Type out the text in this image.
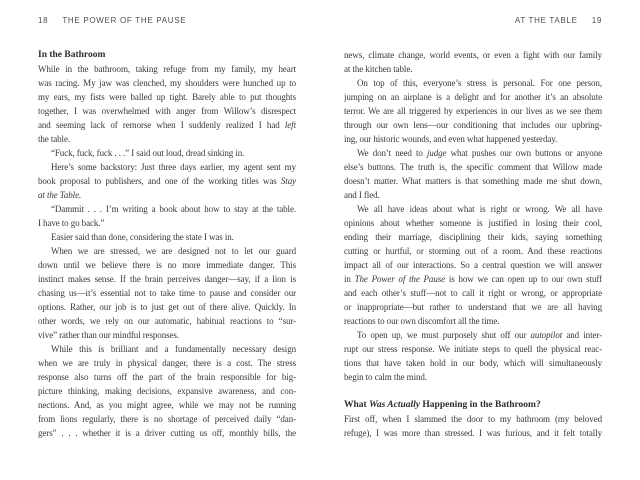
18 THE POWER OF THE PAUSE
In the Bathroom
While in the bathroom, taking refuge from my family, my heart
was racing. My jaw was clenched, my shoulders were hunched up to
my ears, my fists were balled up tight. Barely able to put thoughts
together, I was overwhelmed with anger from Willow’s disrespect
and seeming lack of remorse when I suddenly realized I had left
the table.
“Fuck, fuck, fuck . . .” I said out loud, dread sinking in.
Here’s some backstory: Just three days earlier, my agent sent my
book proposal to publishers, and one of the working titles was Stay
at the Table.
“Dammit . . . I’m writing a book about how to stay at the table.
I have to go back.”
Easier said than done, considering the state I was in.
When we are stressed, we are designed not to let our guard
down until we believe there is no more immediate danger. This
instinct makes sense. If the brain perceives danger—say, if a lion is
chasing us—it’s essential not to take time to pause and consider our
options. Rather, our job is to just get out of there alive. Quickly. In
other words, we rely on our automatic, habitual reactions to “sur-
vive” rather than our mindful responses.
While this is brilliant and a fundamentally necessary design
when we are truly in physical danger, there is a cost. The stress
response also turns off the part of the brain responsible for big-
picture thinking, making decisions, expansive awareness, and con-
nections. And, as you might agree, while we may not be running
from lions regularly, there is no shortage of perceived daily “dan-
gers” . . . whether it is a driver cutting us off, monthly bills, the
AT THE TABLE 19
news, climate change, world events, or even a fight with our family
at the kitchen table.
On top of this, everyone’s stress is personal. For one person,
jumping on an airplane is a delight and for another it’s an absolute
terror. We are all triggered by experiences in our lives as we see them
through our own lens—our conditioning that includes our upbring-
ing, our historic wounds, and even what happened yesterday.
We don’t need to judge what pushes our own buttons or anyone
else’s buttons. The truth is, the specific comment that Willow made
doesn’t matter. What matters is that something made me shut down,
and I fled.
We all have ideas about what is right or wrong. We all have
opinions about whether someone is justified in losing their cool,
ending their marriage, disciplining their kids, saying something
cutting or hurtful, or storming out of a room. And these reactions
impact all of our interactions. So a central question we will answer
in The Power of the Pause is how we can open up to our own stuff
and each other’s stuff—not to call it right or wrong, or appropriate
or inappropriate—but rather to understand that we are all having
reactions to our own discomfort all the time.
To open up, we must purposely shut off our autopilot and inter-
rupt our stress response. We initiate steps to quell the physical reac-
tions that have taken hold in our body, which will simultaneously
begin to calm the mind.
What Was Actually Happening in the Bathroom?
First off, when I slammed the door to my bathroom (my beloved
refuge), I was more than stressed. I was furious, and it felt totally
